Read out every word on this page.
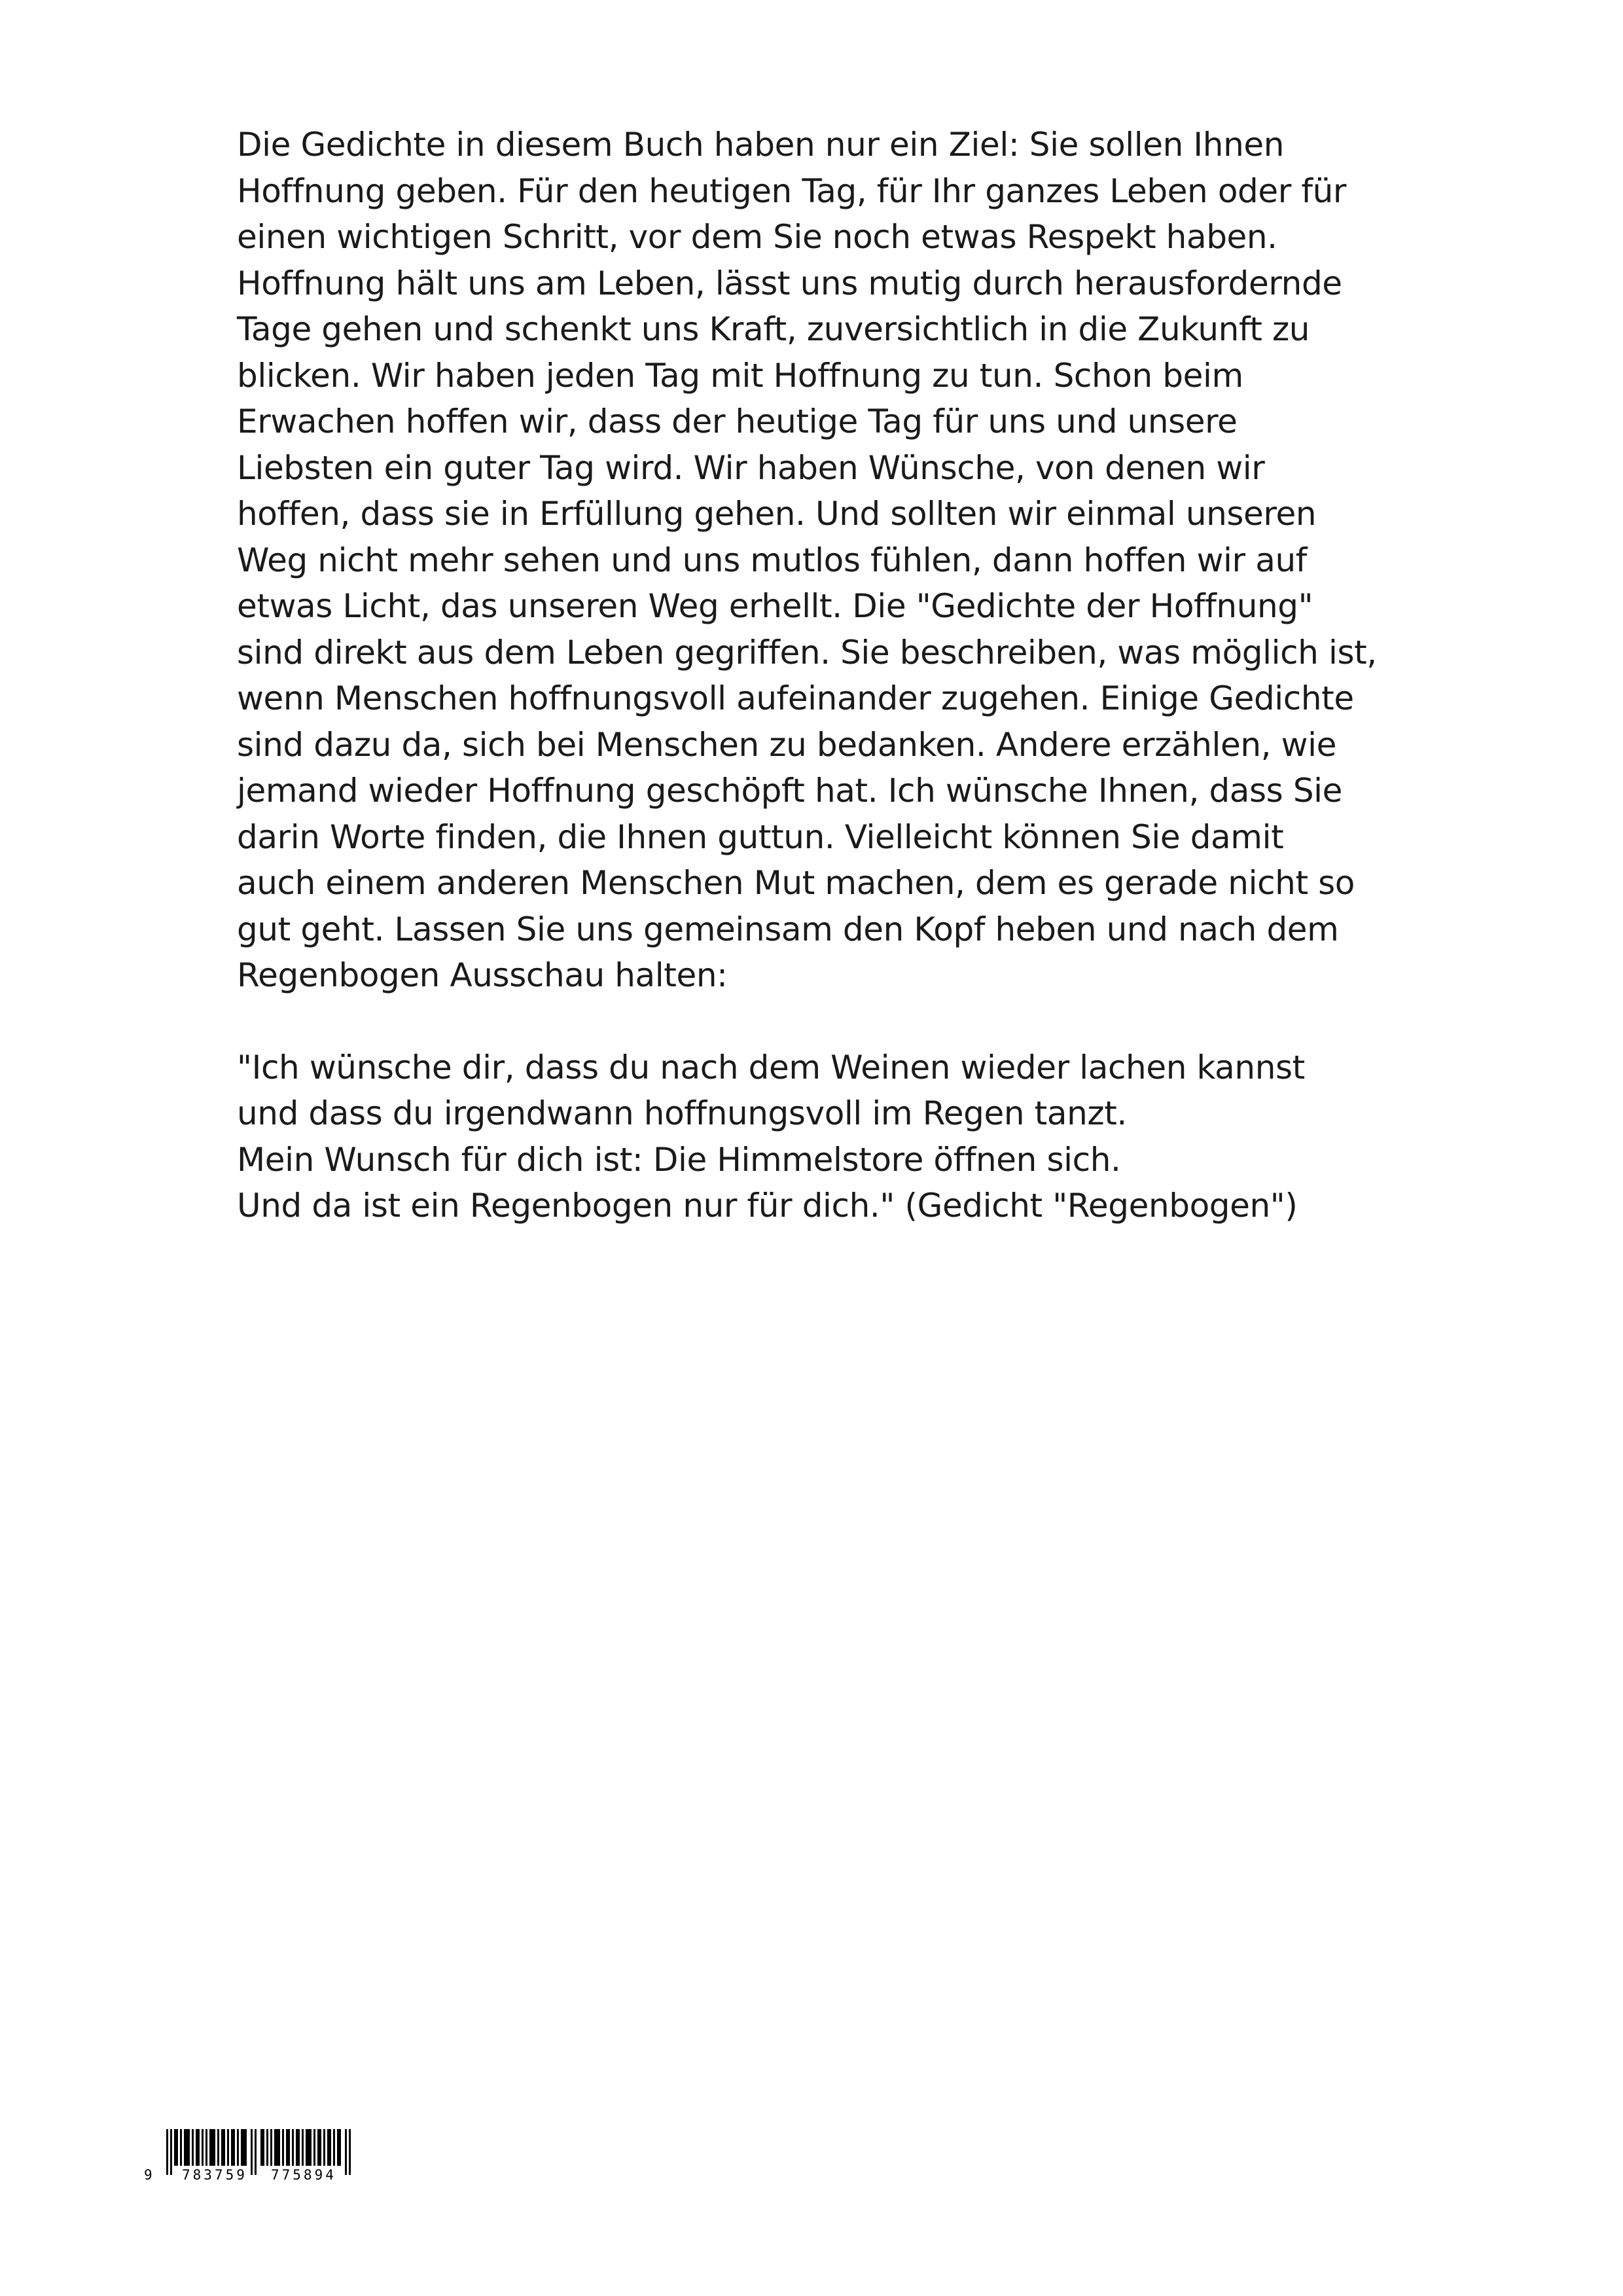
Die Gedichte in diesem Buch haben nur ein Ziel: Sie sollen Ihnen
Hoffnung geben. Für den heutigen Tag, für Ihr ganzes Leben oder für
einen wichtigen Schritt, vor dem Sie noch etwas Respekt haben.
Hoffnung hält uns am Leben, lässt uns mutig durch herausfordernde
Tage gehen und schenkt uns Kraft, zuversichtlich in die Zukunft zu
blicken. Wir haben jeden Tag mit Hoffnung zu tun. Schon beim
Erwachen hoffen wir, dass der heutige Tag für uns und unsere
Liebsten ein guter Tag wird. Wir haben Wünsche, von denen wir
hoffen, dass sie in Erfüllung gehen. Und sollten wir einmal unseren
Weg nicht mehr sehen und uns mutlos fühlen, dann hoffen wir auf
etwas Licht, das unseren Weg erhellt. Die "Gedichte der Hoffnung"
sind direkt aus dem Leben gegriffen. Sie beschreiben, was möglich ist,
wenn Menschen hoffnungsvoll aufeinander zugehen. Einige Gedichte
sind dazu da, sich bei Menschen zu bedanken. Andere erzählen, wie
jemand wieder Hoffnung geschöpft hat. Ich wünsche Ihnen, dass Sie
darin Worte finden, die Ihnen guttun. Vielleicht können Sie damit
auch einem anderen Menschen Mut machen, dem es gerade nicht so
gut geht. Lassen Sie uns gemeinsam den Kopf heben und nach dem
Regenbogen Ausschau halten:

"Ich wünsche dir, dass du nach dem Weinen wieder lachen kannst
und dass du irgendwann hoffnungsvoll im Regen tanzt.
Mein Wunsch für dich ist: Die Himmelstore öffnen sich.
Und da ist ein Regenbogen nur für dich." (Gedicht "Regenbogen")

9 783759 775894
